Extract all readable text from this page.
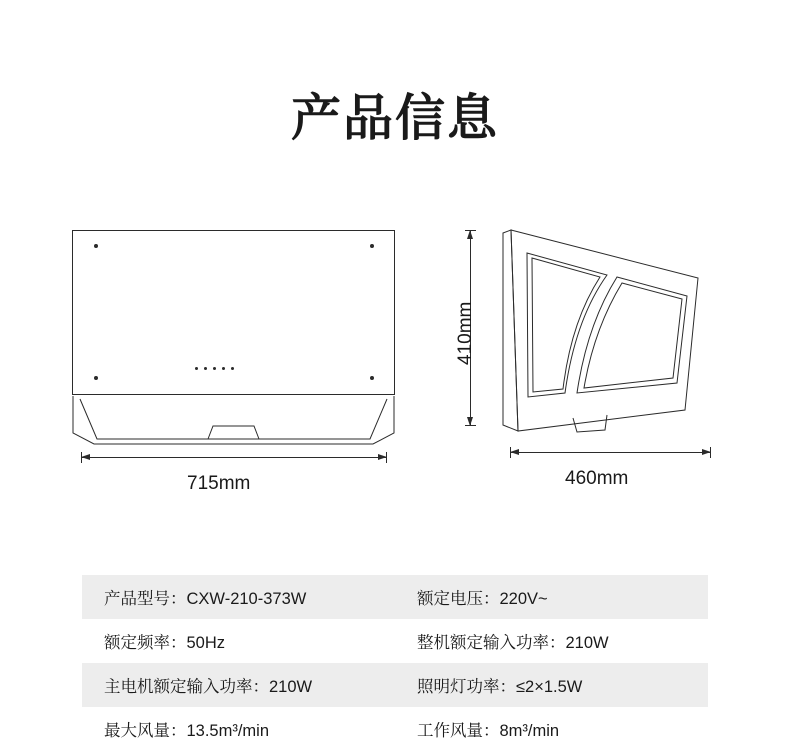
产品信息
715mm
410mm
460mm
产品型号：CXW-210-373W	额定电压：220V~
额定频率：50Hz	整机额定输入功率：210W
主电机额定输入功率：210W	照明灯功率：≤2×1.5W
最大风量：13.5m³/min	工作风量：8m³/min
